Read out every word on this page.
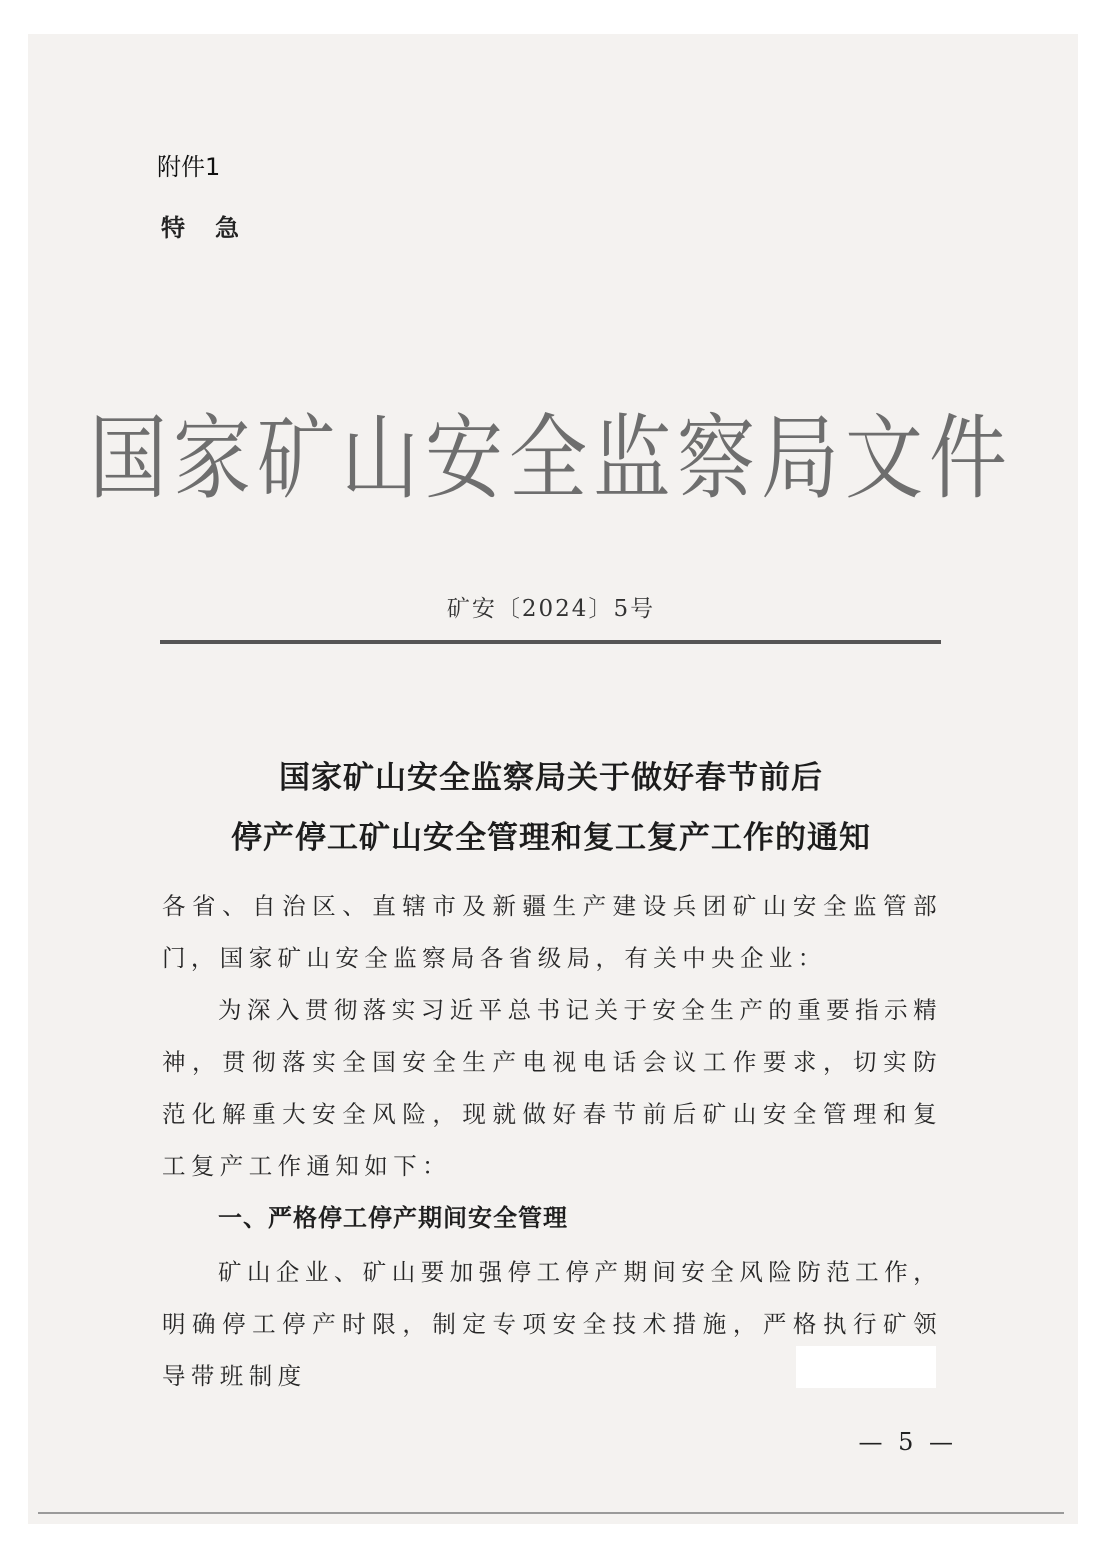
附件1
特急
国家矿山安全监察局文件
矿安〔2024〕5号
国家矿山安全监察局关于做好春节前后
停产停工矿山安全管理和复工复产工作的通知
各省、自治区、直辖市及新疆生产建设兵团矿山安全监管部门，国家矿山安全监察局各省级局，有关中央企业：
为深入贯彻落实习近平总书记关于安全生产的重要指示精神，贯彻落实全国安全生产电视电话会议工作要求，切实防范化解重大安全风险，现就做好春节前后矿山安全管理和复工复产工作通知如下：
一、严格停工停产期间安全管理
矿山企业、矿山要加强停工停产期间安全风险防范工作，明确停工停产时限，制定专项安全技术措施，严格执行矿领导带班制度
— 5 —
